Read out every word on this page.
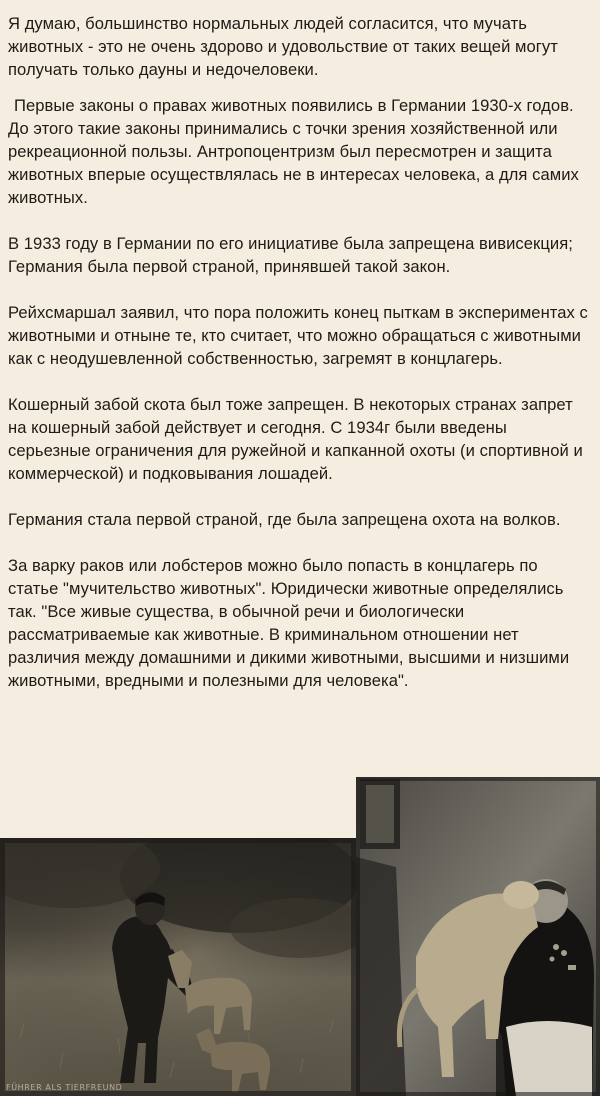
Я думаю, большинство нормальных людей согласится, что мучать животных - это не очень здорово и удовольствие от таких вещей могут получать только дауны и недочеловеки.

Первые законы о правах животных появились в Германии 1930-х годов. До этого такие законы принимались с точки зрения хозяйственной или рекреационной пользы. Антропоцентризм был пересмотрен и защита животных вперые осуществлялась не в интересах человека, а для самих животных.

В 1933 году в Германии по его инициативе была запрещена вивисекция; Германия была первой страной, принявшей такой закон.

Рейхсмаршал заявил, что пора положить конец пыткам в экспериментах с животными и отныне те, кто считает, что можно обращаться с животными как с неодушевленной собственностью, загремят в концлагерь.

Кошерный забой скота был тоже запрещен. В некоторых странах запрет на кошерный забой действует и сегодня. С 1934г были введены серьезные ограничения для ружейной и капканной охоты (и спортивной и коммерческой) и подковывания лошадей.

Германия стала первой страной, где была запрещена охота на волков.

За варку раков или лобстеров можно было попасть в концлагерь по статье "мучительство животных". Юридически животные определялись так. "Все живые существа, в обычной речи и биологически рассматриваемые как животные. В криминальном отношении нет различия между домашними и дикими животными, высшими и низшими животными, вредными и полезными для человека".

FÜHRER ALS TIERFREUND
